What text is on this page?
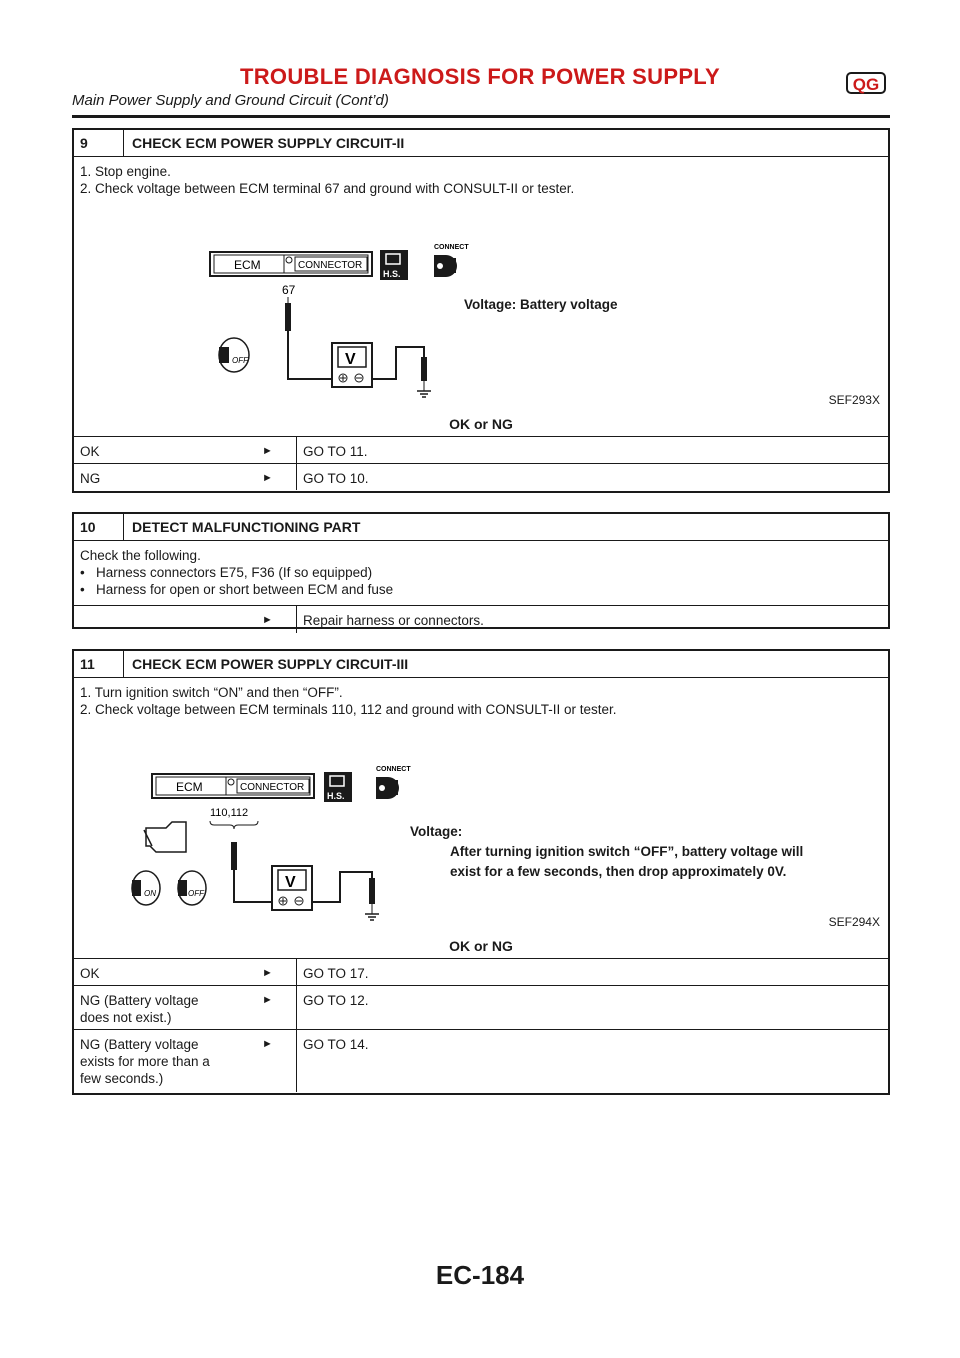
TROUBLE DIAGNOSIS FOR POWER SUPPLY	QG
Main Power Supply and Ground Circuit (Cont’d)
9	CHECK ECM POWER SUPPLY CIRCUIT-II
1. Stop engine.
2. Check voltage between ECM terminal 67 and ground with CONSULT-II or tester.
ECM	CONNECTOR
H.S.
CONNECT
67
V
OFF
Voltage: Battery voltage
SEF293X
OK or NG
OK	►	GO TO 11.
NG	►	GO TO 10.
10	DETECT MALFUNCTIONING PART
Check the following.
• Harness connectors E75, F36 (If so equipped)
• Harness for open or short between ECM and fuse
►	Repair harness or connectors.
11	CHECK ECM POWER SUPPLY CIRCUIT-III
1. Turn ignition switch “ON” and then “OFF”.
2. Check voltage between ECM terminals 110, 112 and ground with CONSULT-II or tester.
ECM	CONNECTOR
H.S.
CONNECT
110,112
V
ON	OFF
Voltage:
After turning ignition switch “OFF”, battery voltage will
exist for a few seconds, then drop approximately 0V.
SEF294X
OK or NG
OK	►	GO TO 17.
NG (Battery voltage
does not exist.)
►	GO TO 12.
NG (Battery voltage
exists for more than a
few seconds.)
►	GO TO 14.
EC-184
